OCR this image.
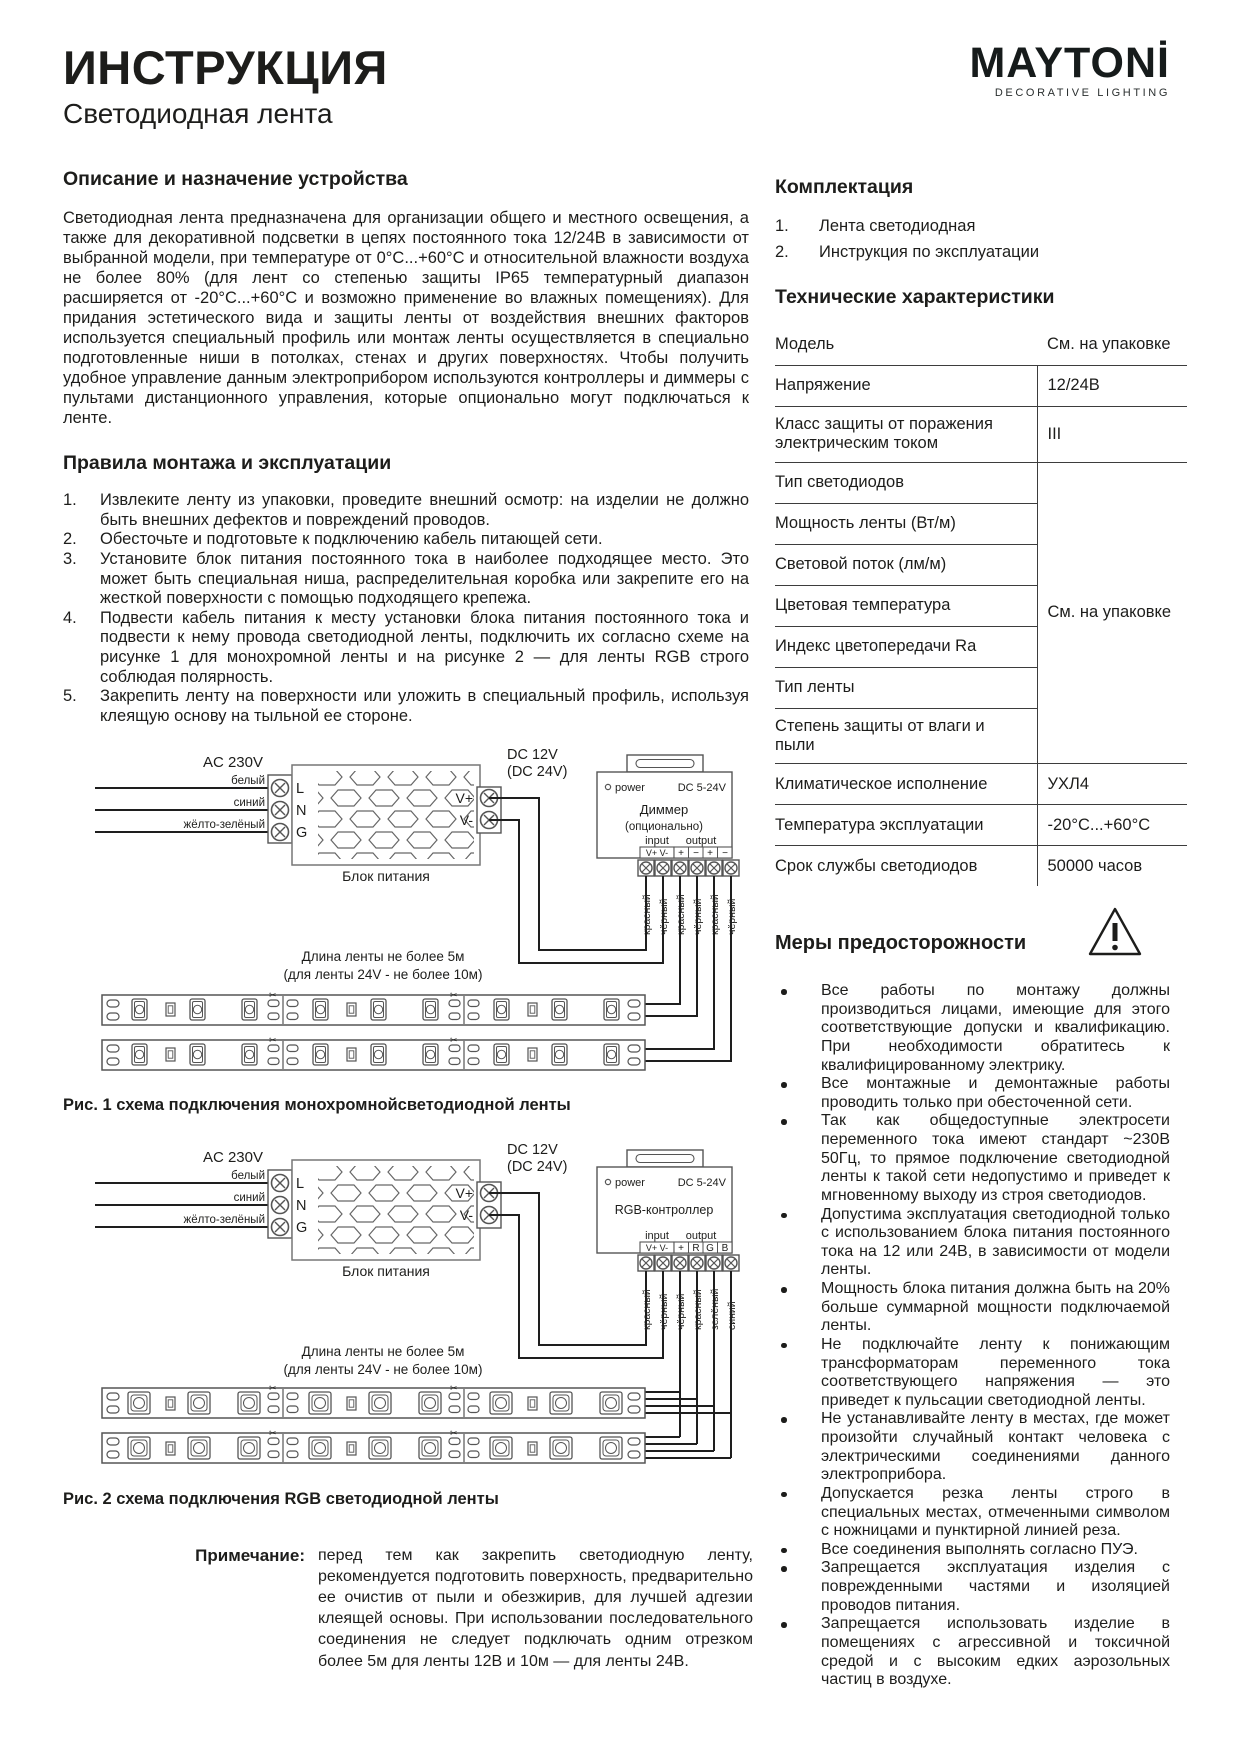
ИНСТРУКЦИЯ
Светодиодная лента
Описание и назначение устройства

Светодиодная лента предназначена для организации общего и местного освещения, а также для декоративной подсветки в цепях постоянного тока 12/24В в зависимости от выбранной модели, при температуре от 0°С...+60°С и относительной влажности воздуха не более 80% (для лент со степенью защиты IP65 температурный диапазон расширяется от -20°С...+60°С и возможно применение во влажных помещениях). Для придания эстетического вида и защиты ленты от воздействия внешних факторов используется специальный профиль или монтаж ленты осуществляется в специально подготовленные ниши в потолках, стенах и других поверхностях. Чтобы получить удобное управление данным электроприбором используются контроллеры и диммеры с пультами дистанционного управления, которые опционально могут подключаться к ленте.

Правила монтажа и эксплуатации
1.	Извлеките ленту из упаковки, проведите внешний осмотр: на изделии не должно быть внешних дефектов и повреждений проводов.
2.	Обесточьте и подготовьте к подключению кабель питающей сети.
3.	Установите блок питания постоянного тока в наиболее подходящее место. Это может быть специальная ниша, распределительная коробка или закрепите его на жесткой поверхности с помощью подходящего крепежа.
4.	Подвести кабель питания к месту установки блока питания постоянного тока и подвести к нему провода светодиодной ленты, подключить их согласно схеме на рисунке 1 для монохромной ленты и на рисунке 2 — для ленты RGB строго соблюдая полярность.
5.	Закрепить ленту на поверхности или уложить в специальный профиль, используя клеящую основу на тыльной ее стороне.
AC 230V
белый
синий
жёлто-зелёный
L
N
G
V+
V-
DC 12V
(DC 24V)
Блок питания
power	DC 5-24V
Диммер
(опционально)
input output
V+ V- + − + −
красный чёрный красный чёрный красный чёрный
Длина ленты не более 5м
(для ленты 24V - не более 10м)
✂	✂
✂	✂
Рис. 1 схема подключения монохромнойсветодиодной ленты
AC 230V
белый
синий
жёлто-зелёный
L
N
G
V+
V-
DC 12V
(DC 24V)
Блок питания
power	DC 5-24V
RGB-контроллер
input output
V+ V- + R G B
красный чёрный чёрный красный зелёный синий
Длина ленты не более 5м
(для ленты 24V - не более 10м)
✂	✂
✂	✂
Рис. 2 схема подключения RGB светодиодной ленты
Примечание: перед тем как закрепить светодиодную ленту, рекомендуется подготовить поверхность, предварительно ее очистив от пыли и обезжирив, для лучшей адгезии клеящей основы. При использовании последовательного соединения не следует подключать одним отрезком более 5м для ленты 12В и 10м — для ленты 24В.
MAYTONİ
DECORATIVE LIGHTING
Комплектация
1.	Лента светодиодная
2.	Инструкция по эксплуатации
Технические характеристики
Модель	См. на упаковке
Напряжение	12/24В
Класс защиты от поражения электрическим током	III
Тип светодиодов	См. на упаковке
Мощность ленты (Вт/м)	
Световой поток (лм/м)	
Цветовая температура	
Индекс цветопередачи Ra	
Тип ленты	
Степень защиты от влаги и пыли	
Климатическое исполнение	УХЛ4
Температура эксплуатации	-20°C...+60°C
Срок службы светодиодов	50000 часов
Меры предосторожности
Все работы по монтажу должны производиться лицами, имеющие для этого соответствующие допуски и квалификацию. При необходимости обратитесь к квалифицированному электрику.
Все монтажные и демонтажные работы проводить только при обесточенной сети.
Так как общедоступные электросети переменного тока имеют стандарт ~230В 50Гц, то прямое подключение светодиодной ленты к такой сети недопустимо и приведет к мгновенному выходу из строя светодиодов.
Допустима эксплуатация светодиодной только с использованием блока питания постоянного тока на 12 или 24В, в зависимости от модели ленты.
Мощность блока питания должна быть на 20% больше суммарной мощности подключаемой ленты.
Не подключайте ленту к понижающим трансформаторам переменного тока соответствующего напряжения — это приведет к пульсации светодиодной ленты.
Не устанавливайте ленту в местах, где может произойти случайный контакт человека с электрическими соединениями данного электроприбора.
Допускается резка ленты строго в специальных местах, отмеченными символом с ножницами и пунктирной линией реза.
Все соединения выполнять согласно ПУЭ.
Запрещается эксплуатация изделия с поврежденными частями и изоляцией проводов питания.
Запрещается использовать изделие в помещениях с агрессивной и токсичной средой и с высоким едких аэрозольных частиц в воздухе.
